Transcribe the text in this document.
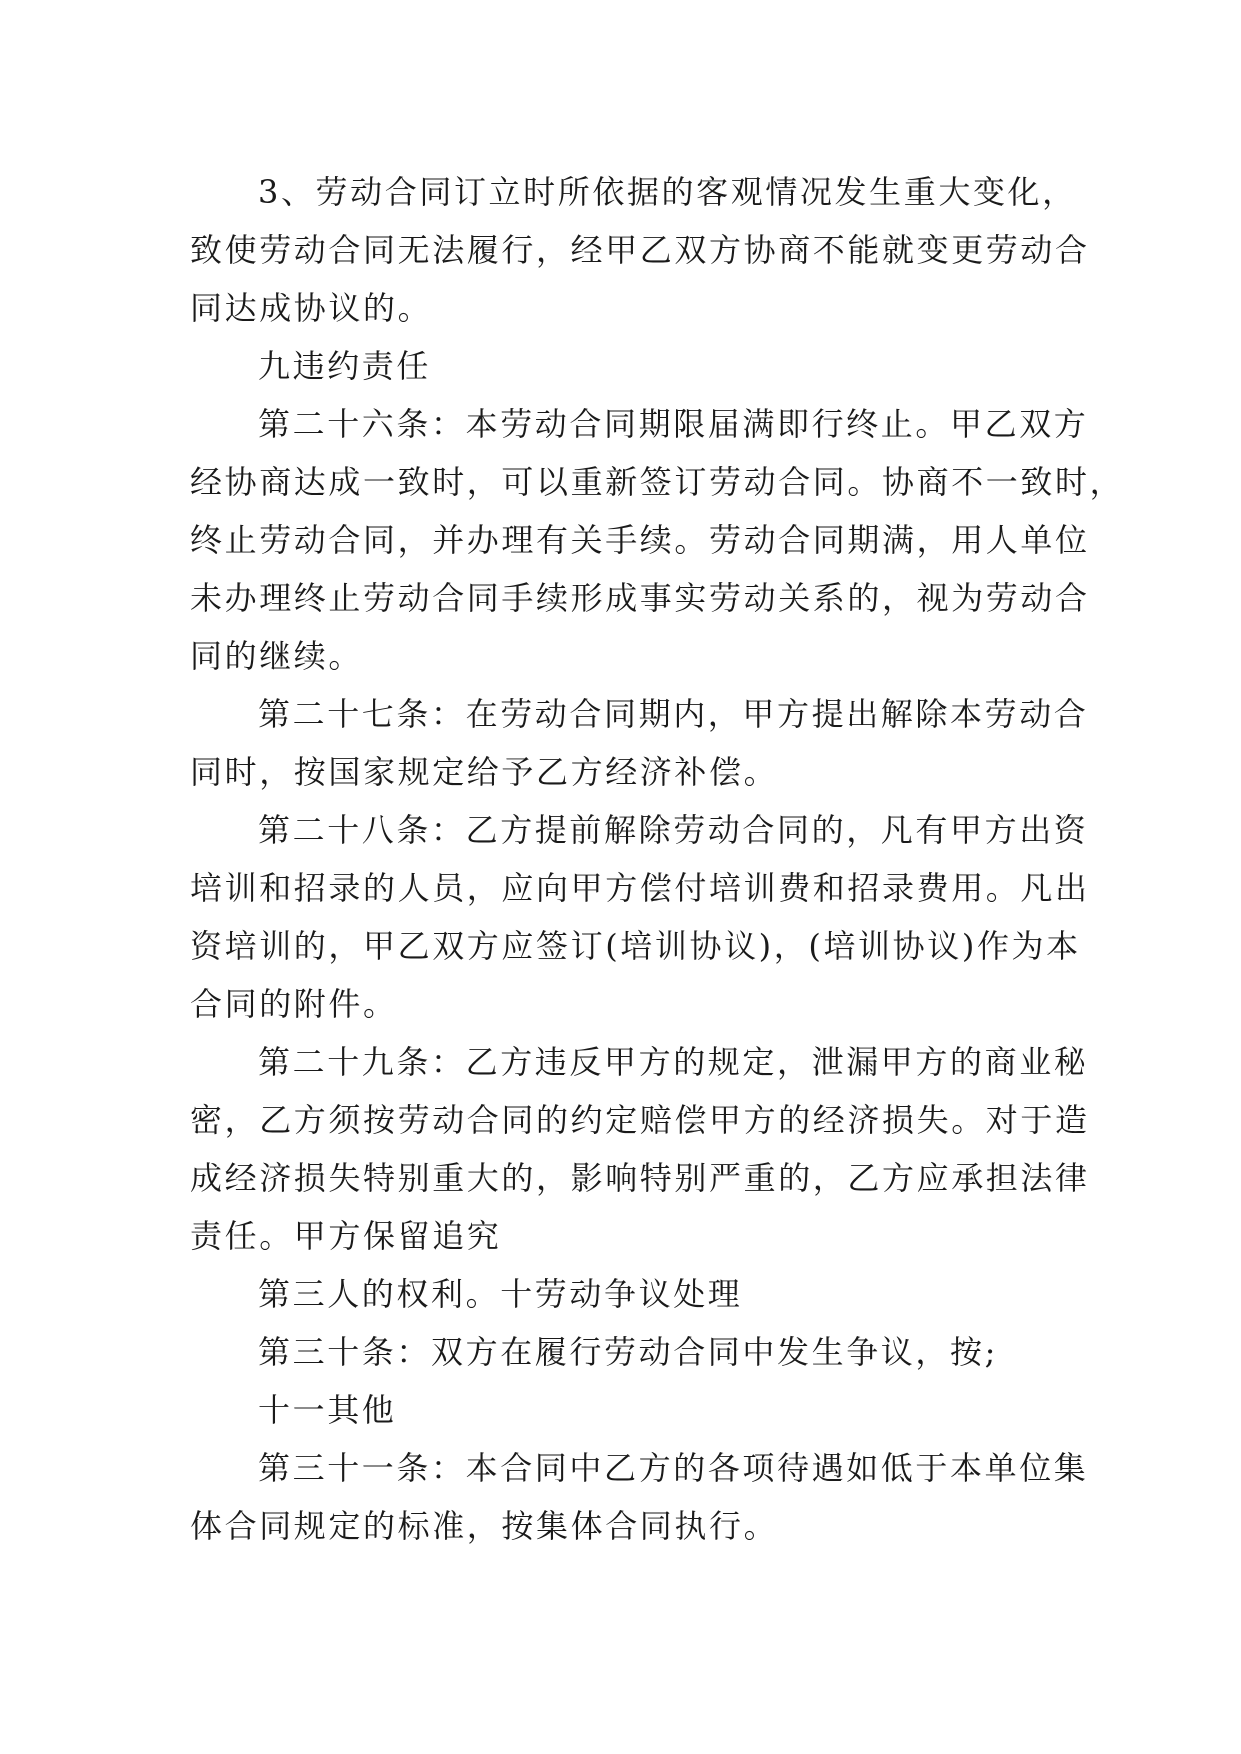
3、劳动合同订立时所依据的客观情况发生重大变化，
致使劳动合同无法履行，经甲乙双方协商不能就变更劳动合
同达成协议的。
九违约责任
第二十六条：本劳动合同期限届满即行终止。甲乙双方
经协商达成一致时，可以重新签订劳动合同。协商不一致时，
终止劳动合同，并办理有关手续。劳动合同期满，用人单位
未办理终止劳动合同手续形成事实劳动关系的，视为劳动合
同的继续。
第二十七条：在劳动合同期内，甲方提出解除本劳动合
同时，按国家规定给予乙方经济补偿。
第二十八条：乙方提前解除劳动合同的，凡有甲方出资
培训和招录的人员，应向甲方偿付培训费和招录费用。凡出
资培训的，甲乙双方应签订(培训协议)，(培训协议)作为本
合同的附件。
第二十九条：乙方违反甲方的规定，泄漏甲方的商业秘
密，乙方须按劳动合同的约定赔偿甲方的经济损失。对于造
成经济损失特别重大的，影响特别严重的，乙方应承担法律
责任。甲方保留追究
第三人的权利。十劳动争议处理
第三十条：双方在履行劳动合同中发生争议，按;
十一其他
第三十一条：本合同中乙方的各项待遇如低于本单位集
体合同规定的标准，按集体合同执行。
